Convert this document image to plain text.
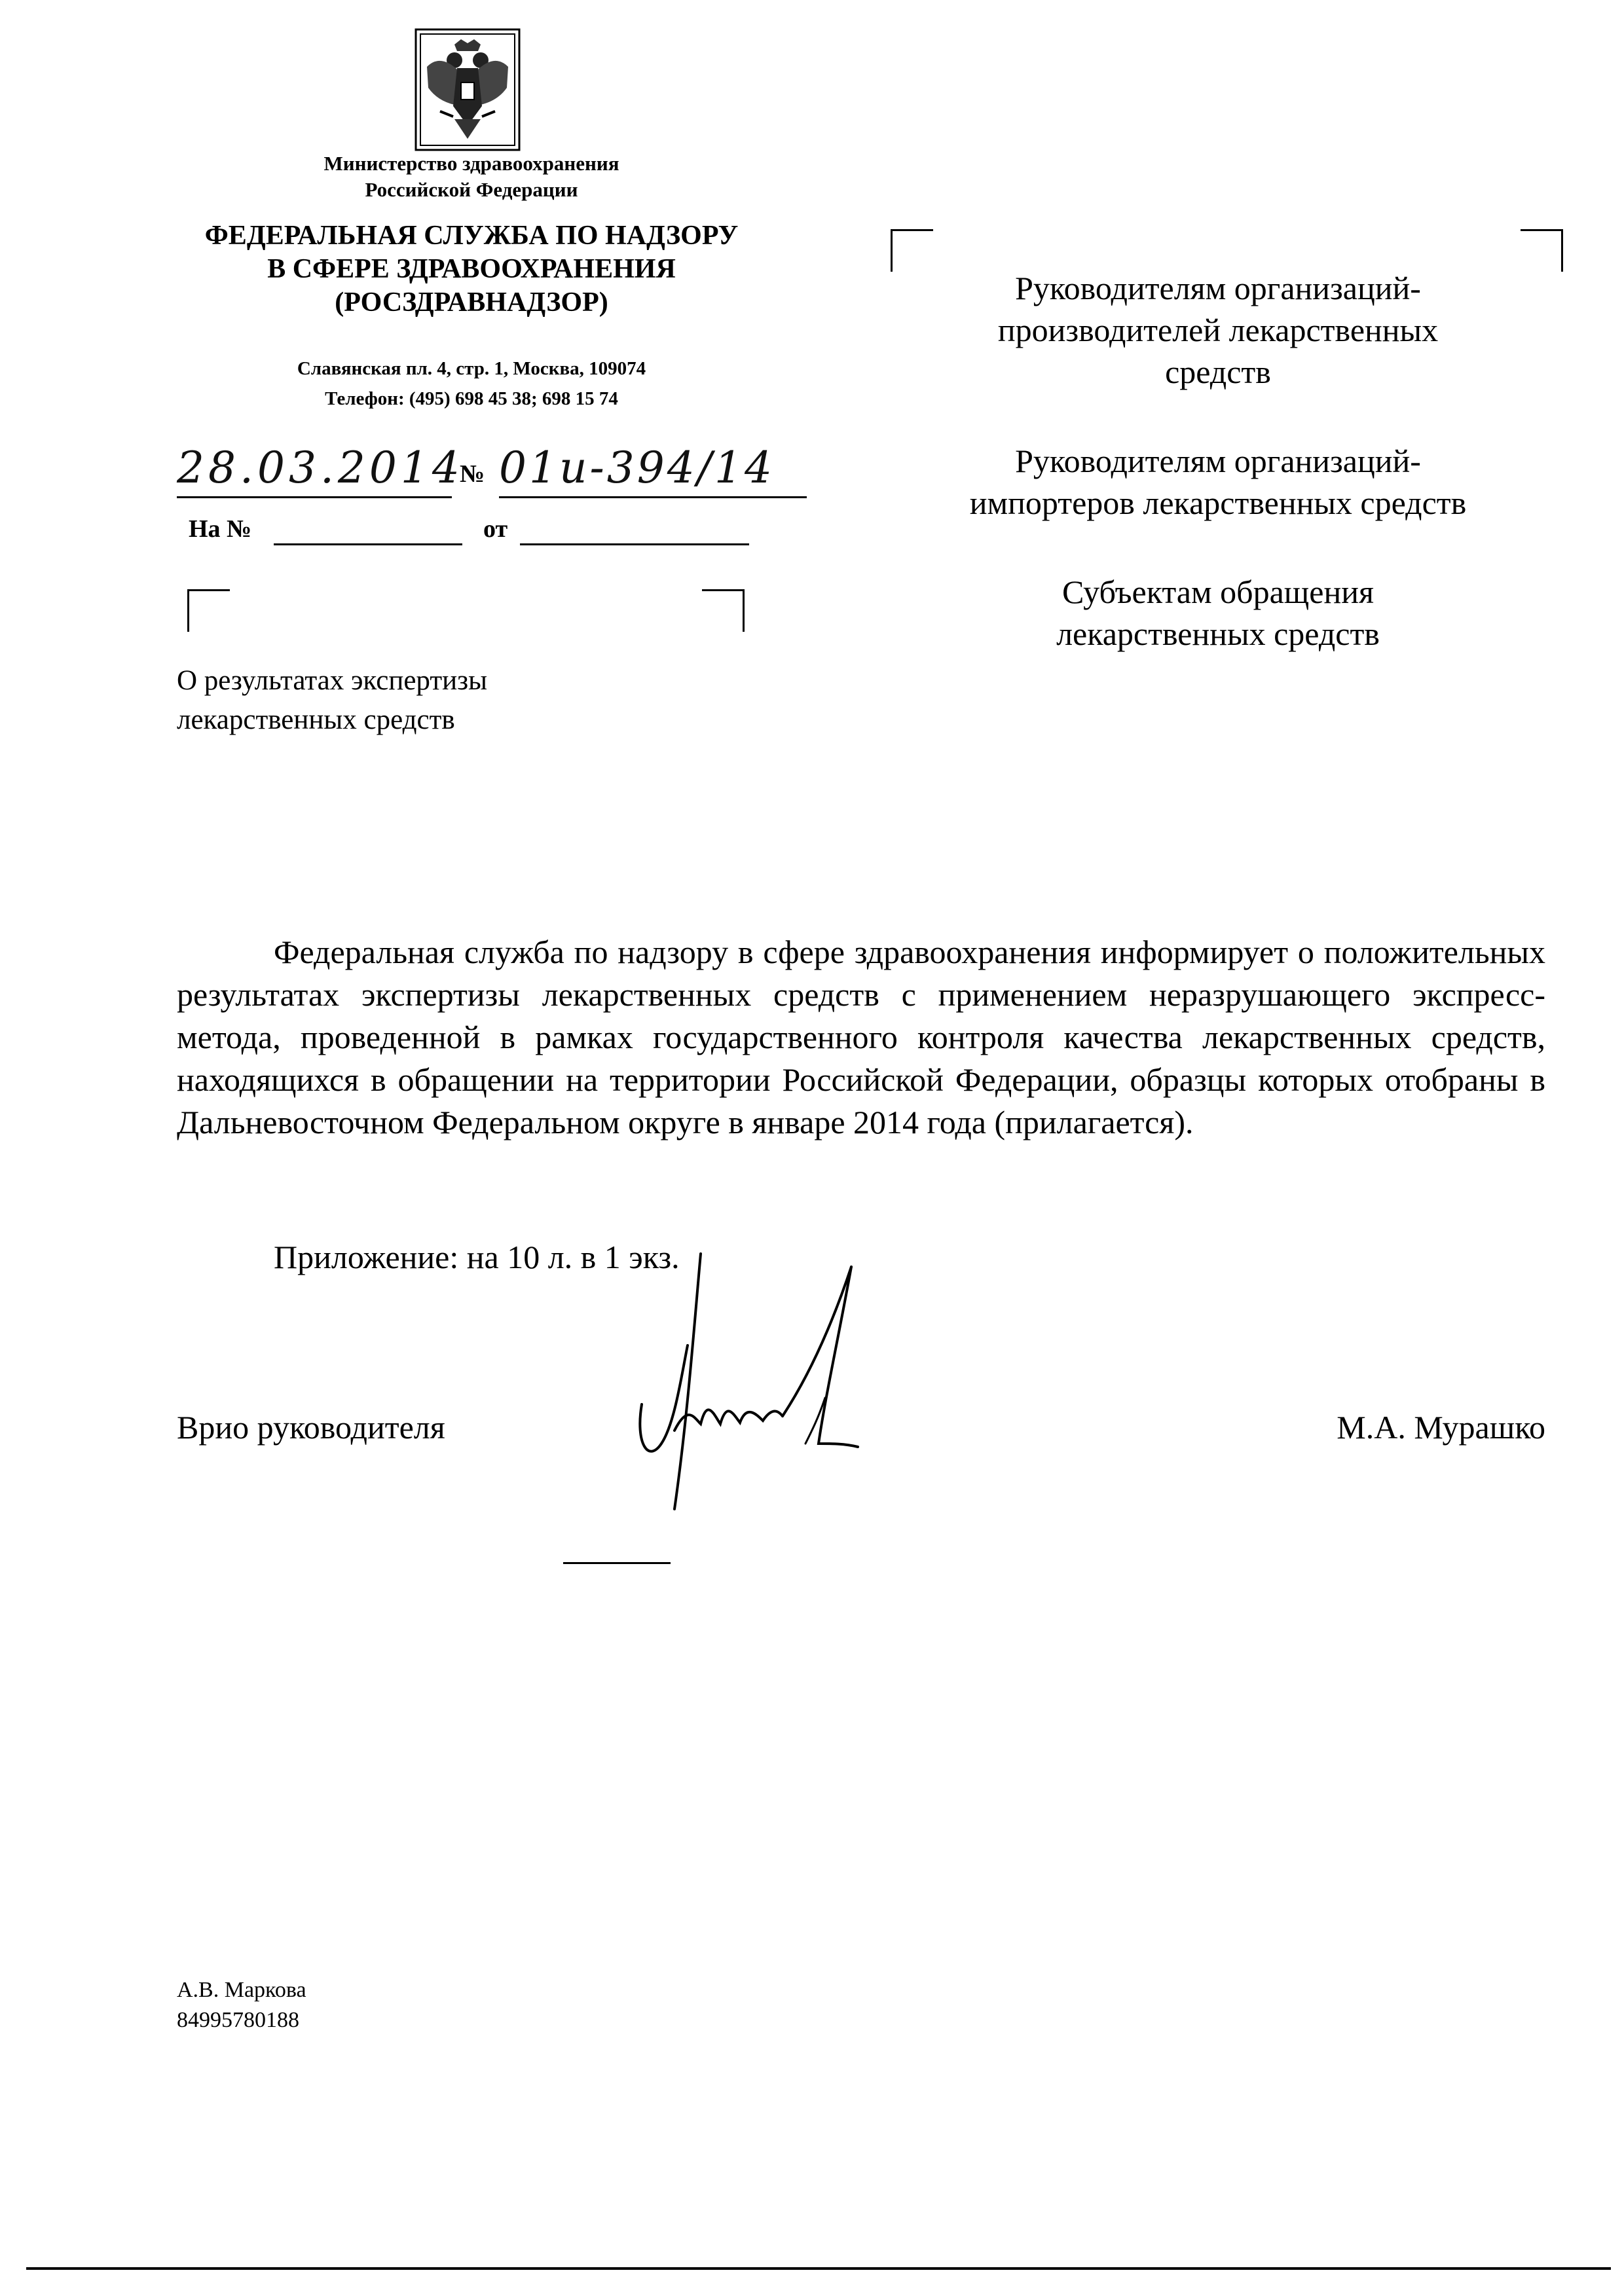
Министерство здравоохранения
Российской Федерации
ФЕДЕРАЛЬНАЯ СЛУЖБА ПО НАДЗОРУ
В СФЕРЕ ЗДРАВООХРАНЕНИЯ
(РОСЗДРАВНАДЗОР)
Славянская пл. 4, стр. 1, Москва, 109074
Телефон: (495) 698 45 38; 698 15 74
28.03.2014
№ 01и-394/14
На №	от
О результатах экспертизы
лекарственных средств
Руководителям организаций-
производителей лекарственных
средств
Руководителям организаций-
импортеров лекарственных средств
Субъектам обращения
лекарственных средств
Федеральная служба по надзору в сфере здравоохранения информирует о положительных результатах экспертизы лекарственных средств с применением неразрушающего экспресс-метода, проведенной в рамках государственного контроля качества лекарственных средств, находящихся в обращении на территории Российской Федерации, образцы которых отобраны в Дальневосточном Федеральном округе в январе 2014 года (прилагается).
Приложение: на 10 л. в 1 экз.
Врио руководителя	М.А. Мурашко
А.В. Маркова
84995780188
